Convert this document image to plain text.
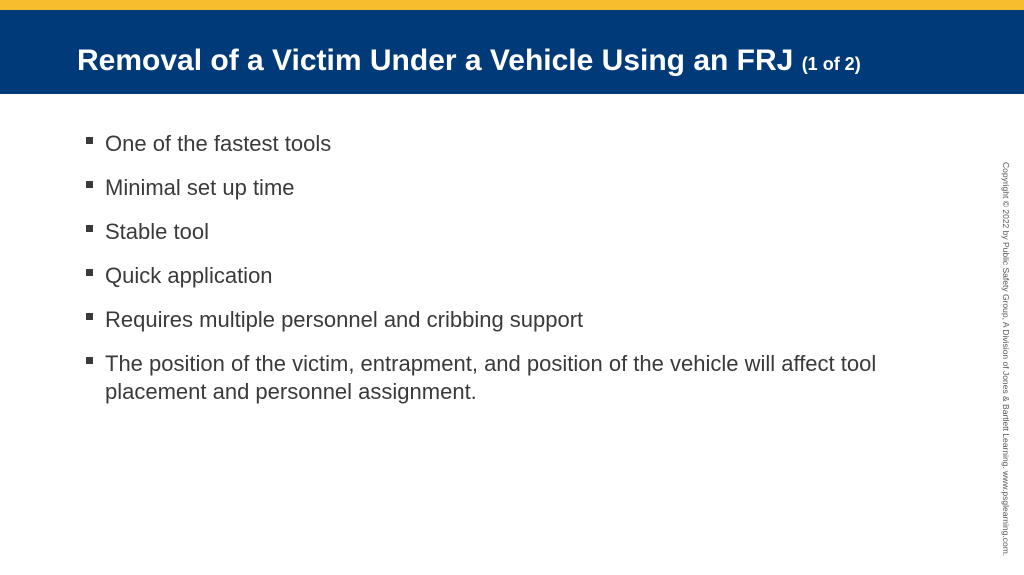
Removal of a Victim Under a Vehicle Using an FRJ (1 of 2)
One of the fastest tools
Minimal set up time
Stable tool
Quick application
Requires multiple personnel and cribbing support
The position of the victim, entrapment, and position of the vehicle will affect tool placement and personnel assignment.	Copyright © 2022 by Public Safety Group, A Division of Jones & Bartlett Learning. www.psglearning.com.
